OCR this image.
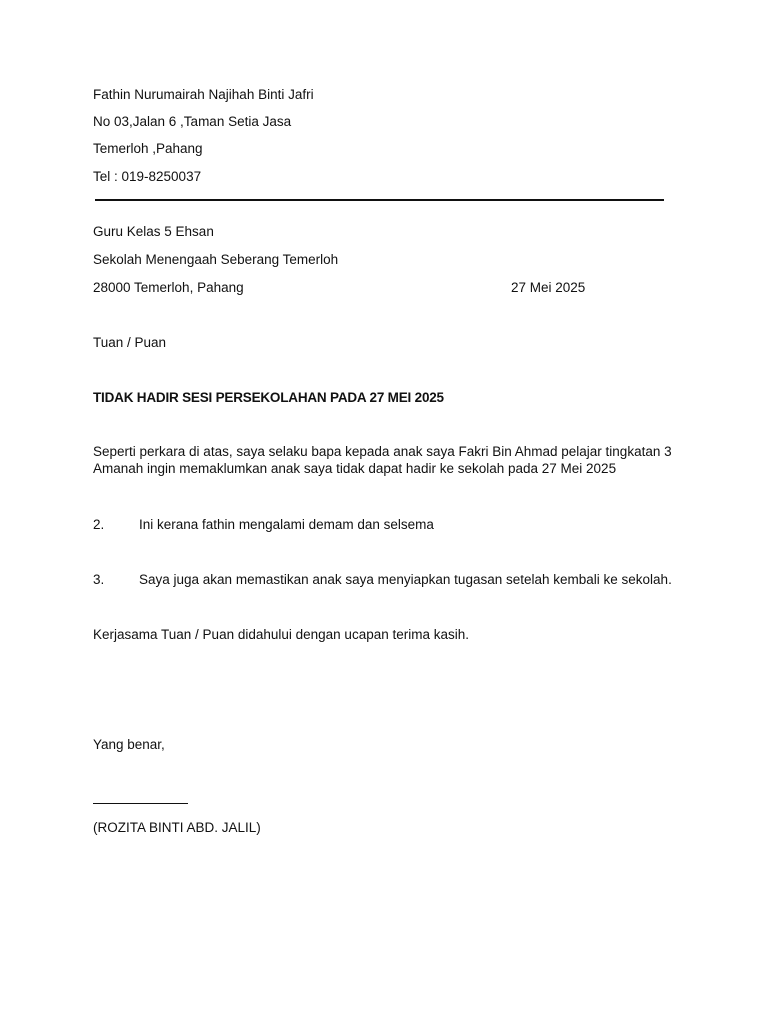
Fathin Nurumairah Najihah Binti Jafri
No 03,Jalan 6 ,Taman Setia Jasa
Temerloh ,Pahang
Tel : 019-8250037
Guru Kelas 5 Ehsan
Sekolah Menengaah Seberang Temerloh
28000 Temerloh, Pahang	27 Mei 2025
Tuan / Puan
TIDAK HADIR SESI PERSEKOLAHAN PADA 27 MEI 2025
Seperti perkara di atas, saya selaku bapa kepada anak saya Fakri Bin Ahmad pelajar tingkatan 3
Amanah ingin memaklumkan anak saya tidak dapat hadir ke sekolah pada 27 Mei 2025
2.	Ini kerana fathin mengalami demam dan selsema
3.	Saya juga akan memastikan anak saya menyiapkan tugasan setelah kembali ke sekolah.
Kerjasama Tuan / Puan didahului dengan ucapan terima kasih.
Yang benar,
(ROZITA BINTI ABD. JALIL)
